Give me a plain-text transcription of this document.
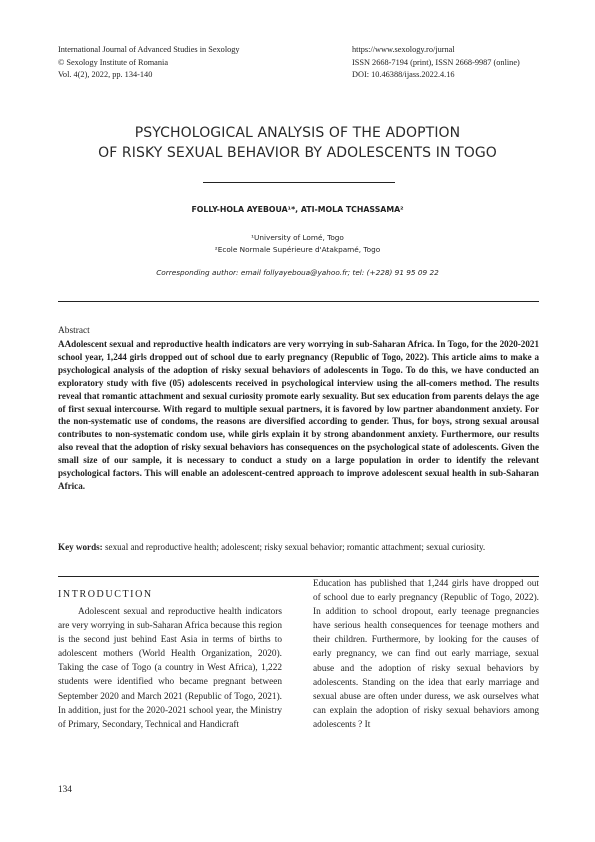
International Journal of Advanced Studies in Sexology
© Sexology Institute of Romania
Vol. 4(2), 2022, pp. 134-140
https://www.sexology.ro/jurnal
ISSN 2668-7194 (print), ISSN 2668-9987 (online)
DOI: 10.46388/ijass.2022.4.16
PSYCHOLOGICAL ANALYSIS OF THE ADOPTION
OF RISKY SEXUAL BEHAVIOR BY ADOLESCENTS IN TOGO
FOLLY-HOLA AYEBOUA¹*, ATI-MOLA TCHASSAMA²
¹University of Lomé, Togo
²Ecole Normale Supérieure d'Atakpamé, Togo
Corresponding author: email follyayeboua@yahoo.fr; tel: (+228) 91 95 09 22
Abstract

AAdolescent sexual and reproductive health indicators are very worrying in sub-Saharan Africa. In Togo, for the 2020-2021 school year, 1,244 girls dropped out of school due to early pregnancy (Republic of Togo, 2022). This article aims to make a psychological analysis of the adoption of risky sexual behaviors of adolescents in Togo. To do this, we have conducted an exploratory study with five (05) adolescents received in psychological interview using the all-comers method. The results reveal that romantic attachment and sexual curiosity promote early sexuality. But sex education from parents delays the age of first sexual intercourse. With regard to multiple sexual partners, it is favored by low partner abandonment anxiety. For the non-systematic use of condoms, the reasons are diversified according to gender. Thus, for boys, strong sexual arousal contributes to non-systematic condom use, while girls explain it by strong abandonment anxiety. Furthermore, our results also reveal that the adoption of risky sexual behaviors has consequences on the psychological state of adolescents. Given the small size of our sample, it is necessary to conduct a study on a large population in order to identify the relevant psychological factors. This will enable an adolescent-centred approach to improve adolescent sexual health in sub-Saharan Africa.

Key words: sexual and reproductive health; adolescent; risky sexual behavior; romantic attachment; sexual curiosity.

INTRODUCTION

Adolescent sexual and reproductive health indicators are very worrying in sub-Saharan Africa because this region is the second just behind East Asia in terms of births to adolescent mothers (World Health Organization, 2020). Taking the case of Togo (a country in West Africa), 1,222 students were identified who became pregnant between September 2020 and March 2021 (Republic of Togo, 2021). In addition, just for the 2020-2021 school year, the Ministry of Primary, Secondary, Technical and Handicraft

Education has published that 1,244 girls have dropped out of school due to early pregnancy (Republic of Togo, 2022). In addition to school dropout, early teenage pregnancies have serious health consequences for teenage mothers and their children. Furthermore, by looking for the causes of early pregnancy, we can find out early marriage, sexual abuse and the adoption of risky sexual behaviors by adolescents. Standing on the idea that early marriage and sexual abuse are often under duress, we ask ourselves what can explain the adoption of risky sexual behaviors among adolescents ? It

134
